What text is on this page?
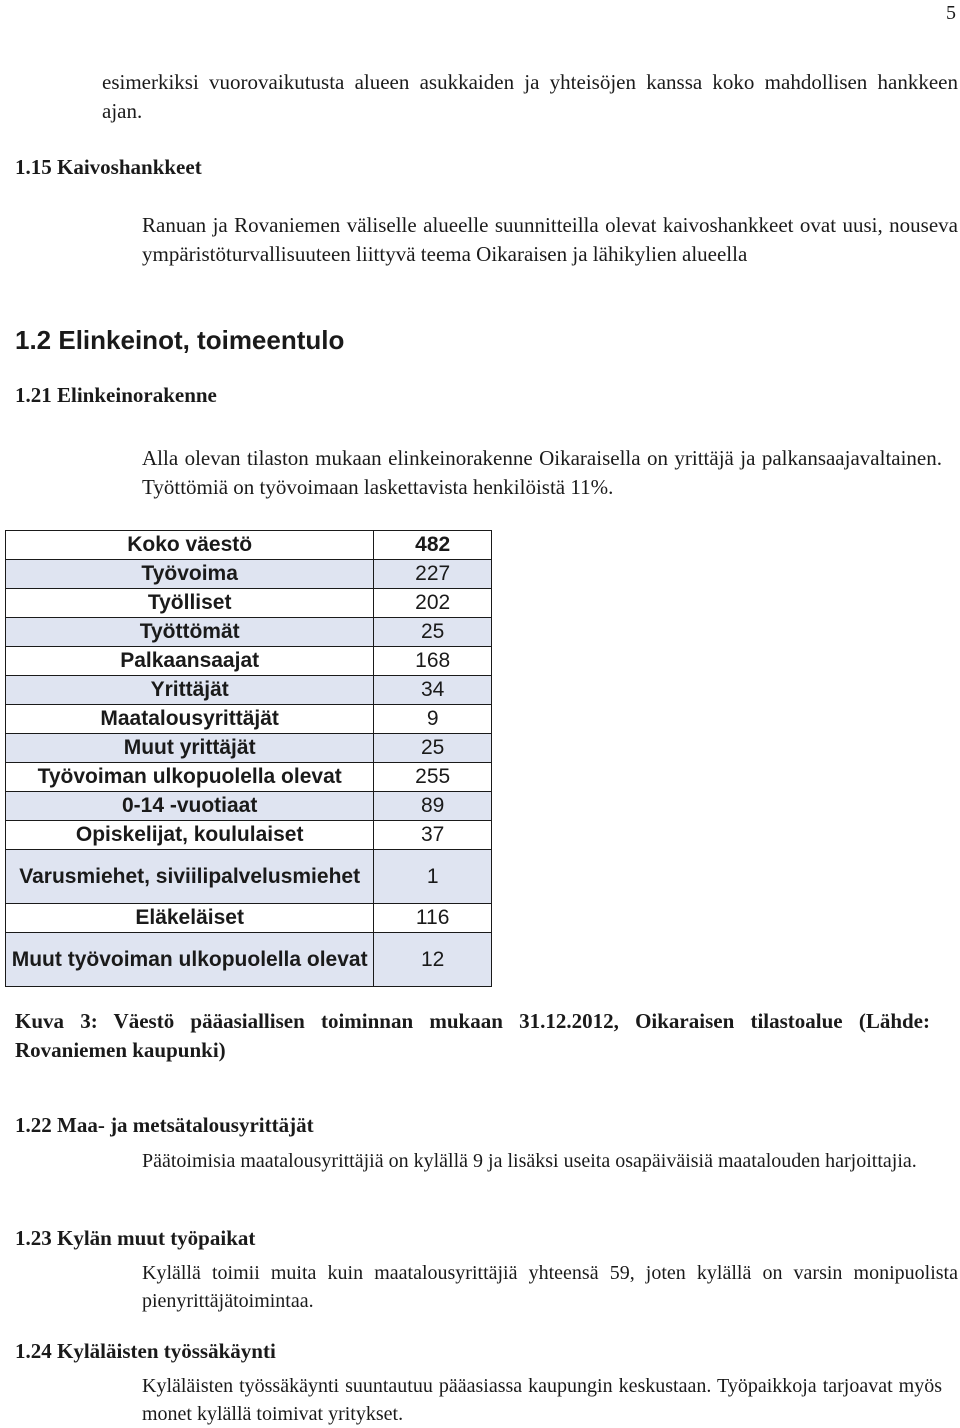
5
esimerkiksi vuorovaikutusta alueen asukkaiden ja yhteisöjen kanssa koko mahdollisen hankkeen ajan.
1.15 Kaivoshankkeet
Ranuan ja Rovaniemen väliselle alueelle suunnitteilla olevat kaivoshankkeet ovat uusi, nouseva ympäristöturvallisuuteen liittyvä teema Oikaraisen ja lähikylien alueella
1.2 Elinkeinot, toimeentulo
1.21 Elinkeinorakenne
Alla olevan tilaston mukaan elinkeinorakenne Oikaraisella on yrittäjä ja palkansaajavaltainen. Työttömiä on työvoimaan laskettavista henkilöistä 11%.
Koko väestö	482
Työvoima	227
Työlliset	202
Työttömät	25
Palkaansaajat	168
Yrittäjät	34
Maatalousyrittäjät	9
Muut yrittäjät	25
Työvoiman ulkopuolella olevat	255
0-14 -vuotiaat	89
Opiskelijat, koululaiset	37
Varusmiehet, siviilipalvelusmiehet	1
Eläkeläiset	116
Muut työvoiman ulkopuolella olevat	12
Kuva 3: Väestö pääasiallisen toiminnan mukaan 31.12.2012, Oikaraisen tilastoalue (Lähde: Rovaniemen kaupunki)
1.22 Maa- ja metsätalousyrittäjät
Päätoimisia maatalousyrittäjiä on kylällä 9 ja lisäksi useita osapäiväisiä maatalouden harjoittajia.
1.23 Kylän muut työpaikat
Kylällä toimii muita kuin maatalousyrittäjiä yhteensä 59, joten kylällä on varsin monipuolista pienyrittäjätoimintaa.
1.24 Kyläläisten työssäkäynti
Kyläläisten työssäkäynti suuntautuu pääasiassa kaupungin keskustaan. Työpaikkoja tarjoavat myös monet kylällä toimivat yritykset.
